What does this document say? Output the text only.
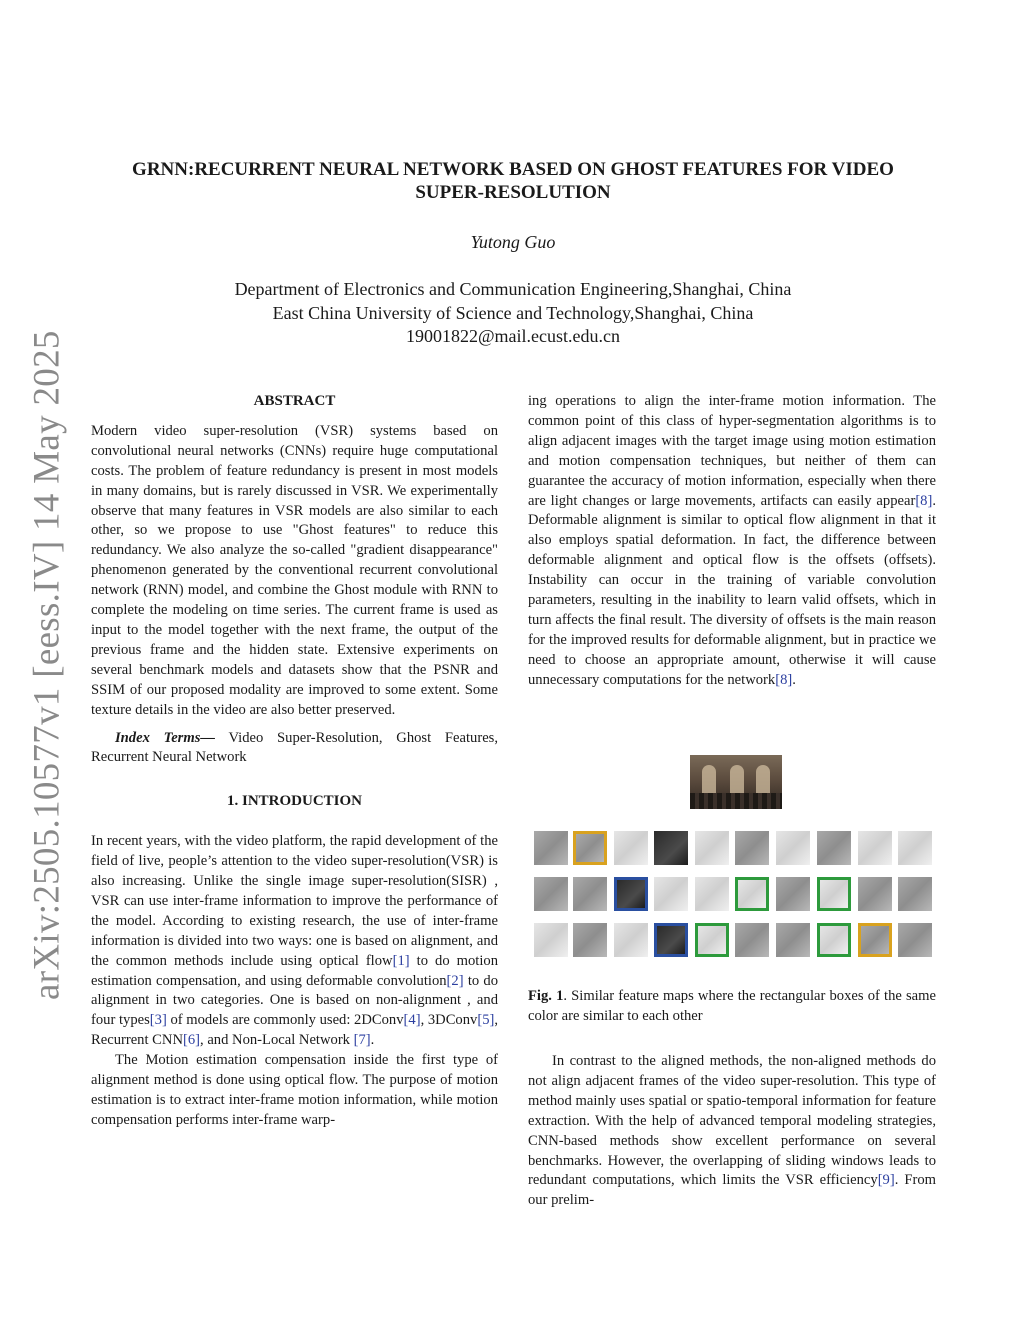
arXiv:2505.10577v1 [eess.IV] 14 May 2025
GRNN:RECURRENT NEURAL NETWORK BASED ON GHOST FEATURES FOR VIDEO
SUPER-RESOLUTION
Yutong Guo
Department of Electronics and Communication Engineering,Shanghai, China
East China University of Science and Technology,Shanghai, China
19001822@mail.ecust.edu.cn
ABSTRACT

Modern video super-resolution (VSR) systems based on convolutional neural networks (CNNs) require huge computational costs. The problem of feature redundancy is present in most models in many domains, but is rarely discussed in VSR. We experimentally observe that many features in VSR models are also similar to each other, so we propose to use "Ghost features" to reduce this redundancy. We also analyze the so-called "gradient disappearance" phenomenon generated by the conventional recurrent convolutional network (RNN) model, and combine the Ghost module with RNN to complete the modeling on time series. The current frame is used as input to the model together with the next frame, the output of the previous frame and the hidden state. Extensive experiments on several benchmark models and datasets show that the PSNR and SSIM of our proposed modality are improved to some extent. Some texture details in the video are also better preserved.

Index Terms— Video Super-Resolution, Ghost Features, Recurrent Neural Network

1. INTRODUCTION

In recent years, with the video platform, the rapid development of the field of live, people’s attention to the video super-resolution(VSR) is also increasing. Unlike the single image super-resolution(SISR) , VSR can use inter-frame information to improve the performance of the model. According to existing research, the use of inter-frame information is divided into two ways: one is based on alignment, and the common methods include using optical flow[1] to do motion estimation compensation, and using deformable convolution[2] to do alignment in two categories. One is based on non-alignment , and four types[3] of models are commonly used: 2DConv[4], 3DConv[5], Recurrent CNN[6], and Non-Local Network [7].

The Motion estimation compensation inside the first type of alignment method is done using optical flow. The purpose of motion estimation is to extract inter-frame motion information, while motion compensation performs inter-frame warp-

ing operations to align the inter-frame motion information. The common point of this class of hyper-segmentation algorithms is to align adjacent images with the target image using motion estimation and motion compensation techniques, but neither of them can guarantee the accuracy of motion information, especially when there are light changes or large movements, artifacts can easily appear[8]. Deformable alignment is similar to optical flow alignment in that it also employs spatial deformation. In fact, the difference between deformable alignment and optical flow is the offsets (offsets). Instability can occur in the training of variable convolution parameters, resulting in the inability to learn valid offsets, which in turn affects the final result. The diversity of offsets is the main reason for the improved results for deformable alignment, but in practice we need to choose an appropriate amount, otherwise it will cause unnecessary computations for the network[8].

Fig. 1. Similar feature maps where the rectangular boxes of the same color are similar to each other

In contrast to the aligned methods, the non-aligned methods do not align adjacent frames of the video super-resolution. This type of method mainly uses spatial or spatio-temporal information for feature extraction. With the help of advanced temporal modeling strategies, CNN-based methods show excellent performance on several benchmarks. However, the overlapping of sliding windows leads to redundant computations, which limits the VSR efficiency[9]. From our prelim-
